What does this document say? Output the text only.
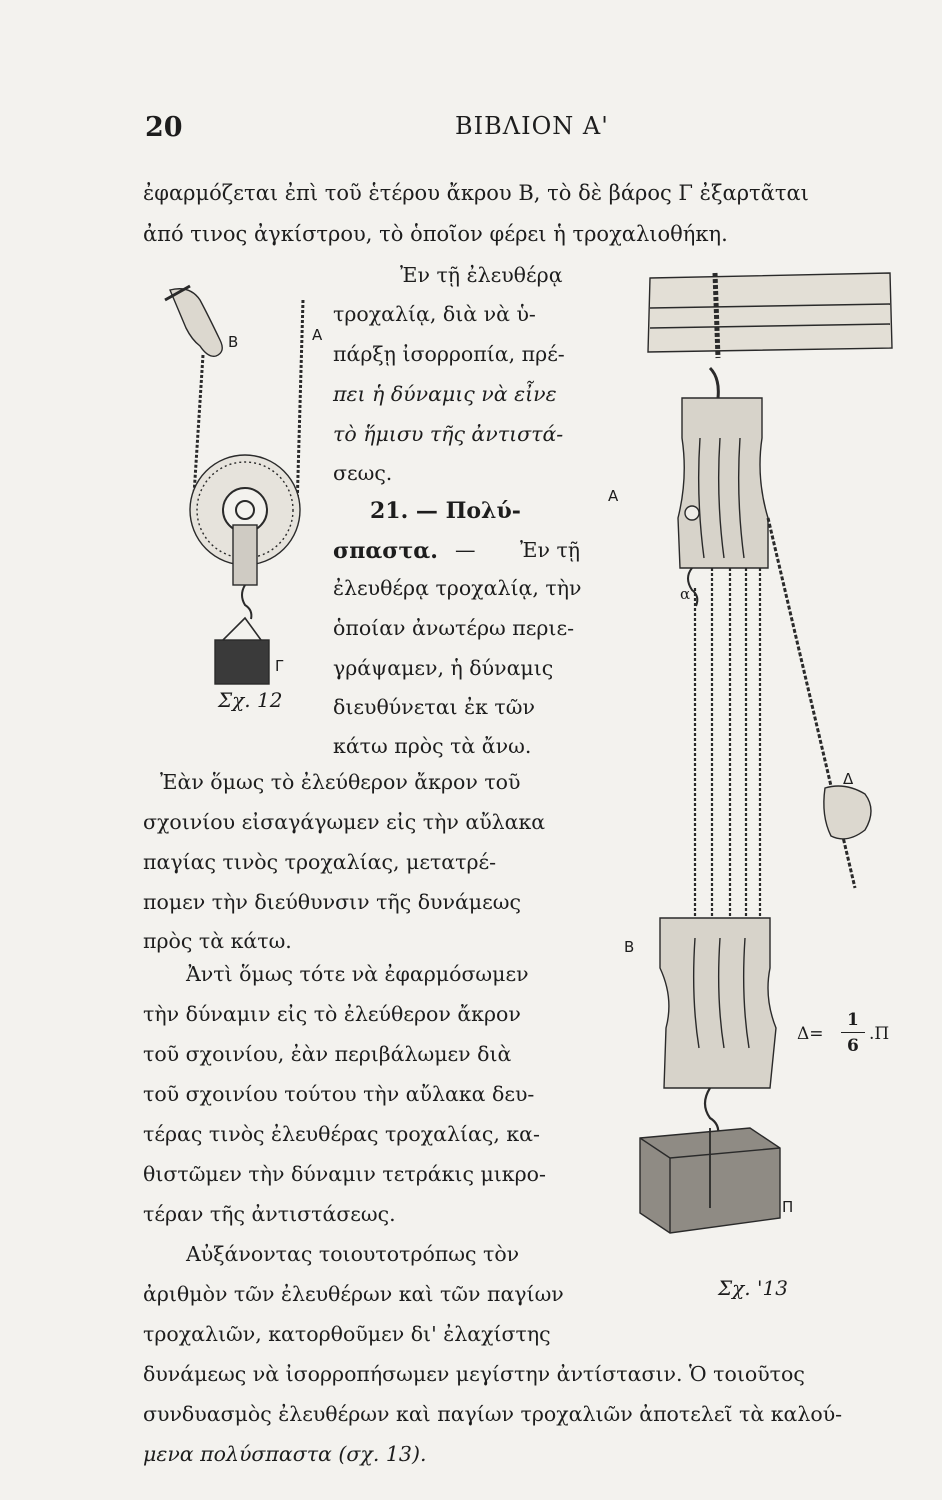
20	ΒΙΒΛΙΟΝ Α'
ἐφαρμόζεται ἐπὶ τοῦ ἑτέρου ἄκρου Β, τὸ δὲ βάρος Γ ἐξαρτᾶται
ἀπό τινος ἀγκίστρου, τὸ ὁποῖον φέρει ἡ τροχαλιοθήκη.
Ἐν τῇ ἐλευθέρᾳ
τροχαλίᾳ, διὰ νὰ ὑ-
πάρξῃ ἰσορροπία, πρέ-
πει ἡ δύναμις νὰ εἶνε
τὸ ἥμισυ τῆς ἀντιστά-
σεως.
21. — Πολύ-
σπαστα. — Ἐν τῇ
ἐλευθέρᾳ τροχαλίᾳ, τὴν
ὁποίαν ἀνωτέρω περιε-
γράψαμεν, ἡ δύναμις
διευθύνεται ἐκ τῶν
κάτω πρὸς τὰ ἄνω.
Ἐὰν ὅμως τὸ ἐλεύθερον ἄκρον τοῦ
σχοινίου εἰσαγάγωμεν εἰς τὴν αὔλακα
παγίας τινὸς τροχαλίας, μετατρέ-
πομεν τὴν διεύθυνσιν τῆς δυνάμεως
πρὸς τὰ κάτω.
Ἀντὶ ὅμως τότε νὰ ἐφαρμόσωμεν
τὴν δύναμιν εἰς τὸ ἐλεύθερον ἄκρον
τοῦ σχοινίου, ἐὰν περιβάλωμεν διὰ
τοῦ σχοινίου τούτου τὴν αὔλακα δευ-
τέρας τινὸς ἐλευθέρας τροχαλίας, κα-
θιστῶμεν τὴν δύναμιν τετράκις μικρο-
τέραν τῆς ἀντιστάσεως.
Αὐξάνοντας τοιουτοτρόπως τὸν
ἀριθμὸν τῶν ἐλευθέρων καὶ τῶν παγίων
τροχαλιῶν, κατορθοῦμεν δι' ἐλαχίστης
δυνάμεως νὰ ἰσορροπήσωμεν μεγίστην ἀντίστασιν. Ὁ τοιοῦτος
συνδυασμὸς ἐλευθέρων καὶ παγίων τροχαλιῶν ἀποτελεῖ τὰ καλού-
μενα πολύσπαστα (σχ. 13).
B	A
Γ
Σχ. 12
A
α
Δ
B
Π
Δ=
1
6
.Π
Σχ. '13
